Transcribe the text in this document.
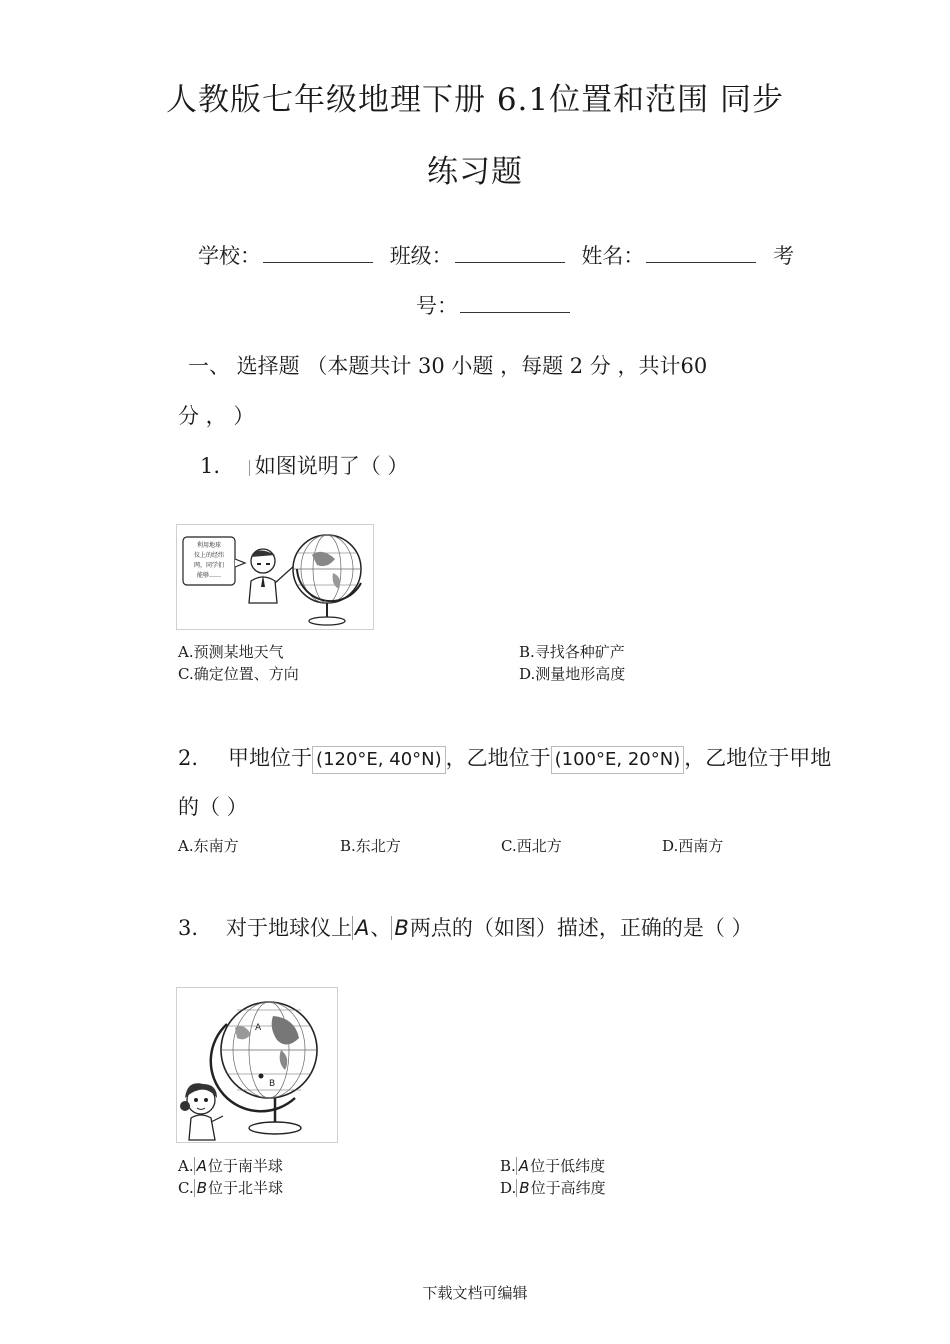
人教版七年级地理下册 6.1位置和范围 同步
练习题
学校：	班级：	姓名：	考
号：
一、 选择题 （本题共计 30 小题 ，每题 2 分 ，共计60
分 ， ）
1. 如图说明了（ ）
利用地球
仪上的经纬
网，同学们
能够……
A.预测某地天气	B.寻找各种矿产
C.确定位置、方向	D.测量地形高度
2. 甲地位于 (120°E, 40°N) ，乙地位于 (100°E, 20°N) ，乙地位于甲地
的（ ）
A.东南方	B.东北方	C.西北方	D.西南方
3. 对于地球仪上 A、 B两点的（如图）描述，正确的是（ ）
A
B
A. A位于南半球	B. A位于低纬度
C. B位于北半球	D. B位于高纬度
下载文档可编辑
